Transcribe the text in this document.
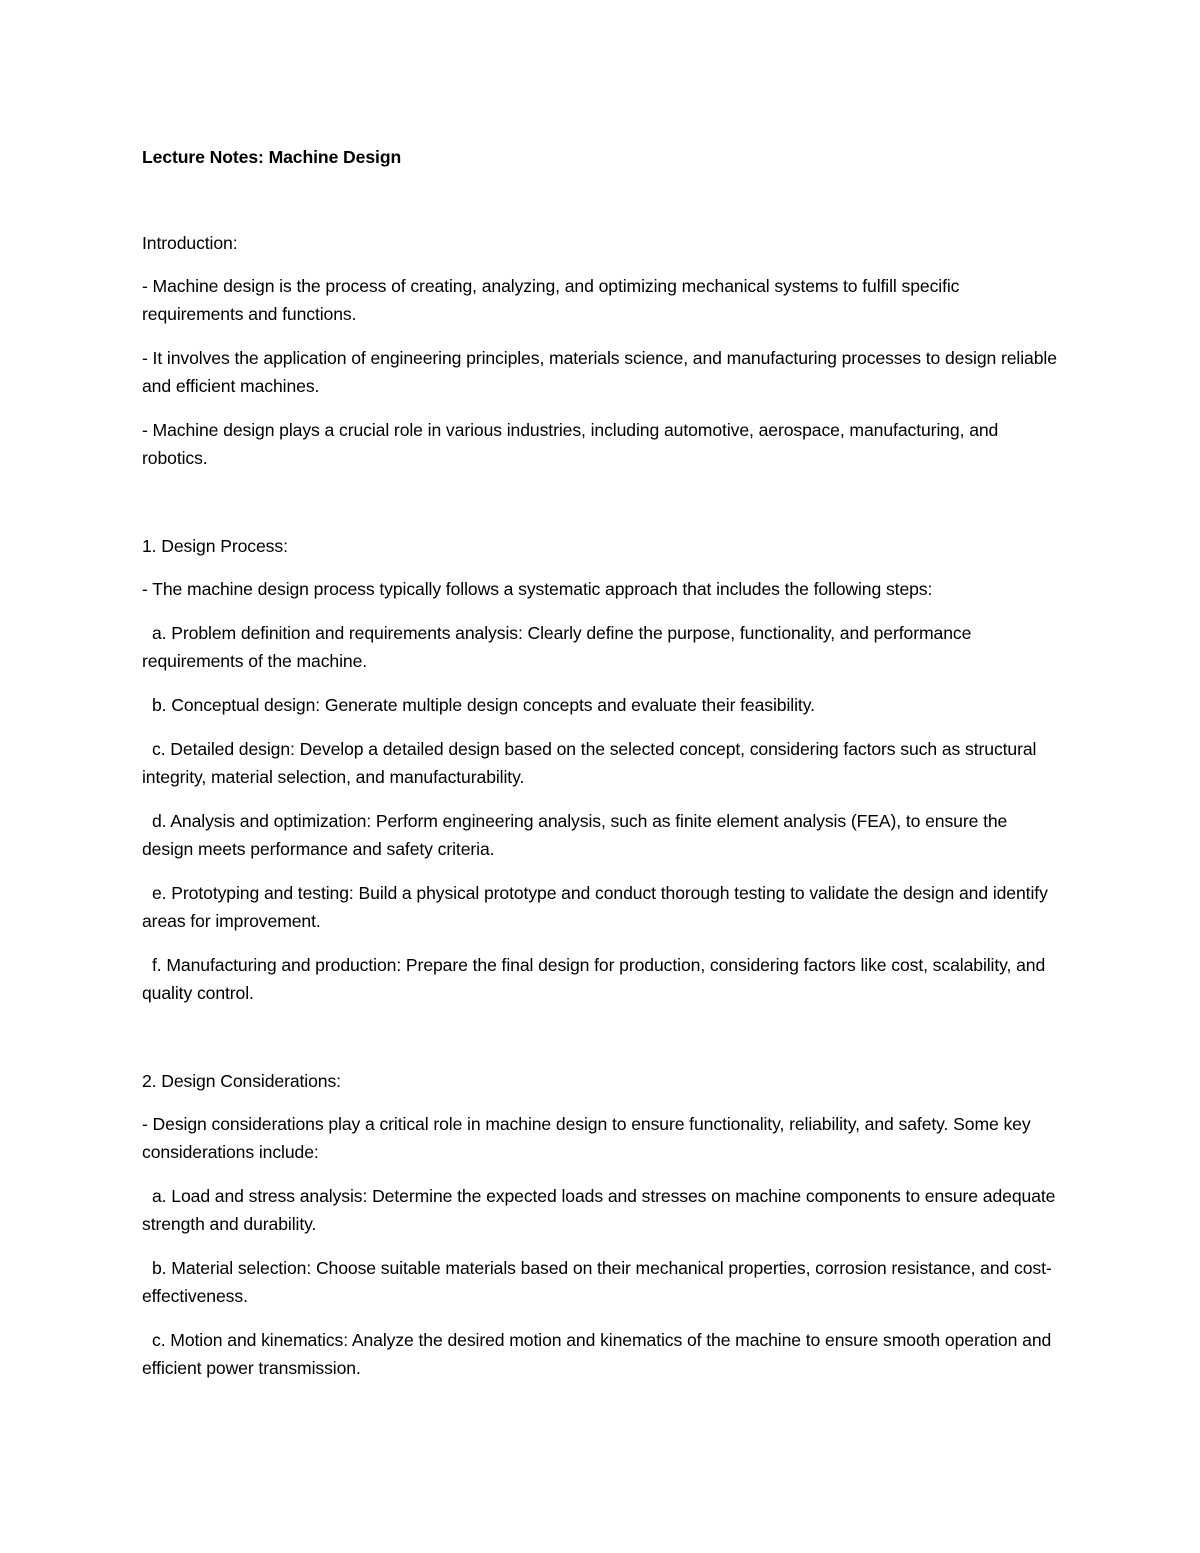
Lecture Notes: Machine Design

Introduction:

- Machine design is the process of creating, analyzing, and optimizing mechanical systems to fulfill specific requirements and functions.

- It involves the application of engineering principles, materials science, and manufacturing processes to design reliable and efficient machines.

- Machine design plays a crucial role in various industries, including automotive, aerospace, manufacturing, and robotics.

1. Design Process:

- The machine design process typically follows a systematic approach that includes the following steps:

a. Problem definition and requirements analysis: Clearly define the purpose, functionality, and performance requirements of the machine.

b. Conceptual design: Generate multiple design concepts and evaluate their feasibility.

c. Detailed design: Develop a detailed design based on the selected concept, considering factors such as structural integrity, material selection, and manufacturability.

d. Analysis and optimization: Perform engineering analysis, such as finite element analysis (FEA), to ensure the design meets performance and safety criteria.

e. Prototyping and testing: Build a physical prototype and conduct thorough testing to validate the design and identify areas for improvement.

f. Manufacturing and production: Prepare the final design for production, considering factors like cost, scalability, and quality control.

2. Design Considerations:

- Design considerations play a critical role in machine design to ensure functionality, reliability, and safety. Some key considerations include:

a. Load and stress analysis: Determine the expected loads and stresses on machine components to ensure adequate strength and durability.

b. Material selection: Choose suitable materials based on their mechanical properties, corrosion resistance, and cost-effectiveness.

c. Motion and kinematics: Analyze the desired motion and kinematics of the machine to ensure smooth operation and efficient power transmission.
